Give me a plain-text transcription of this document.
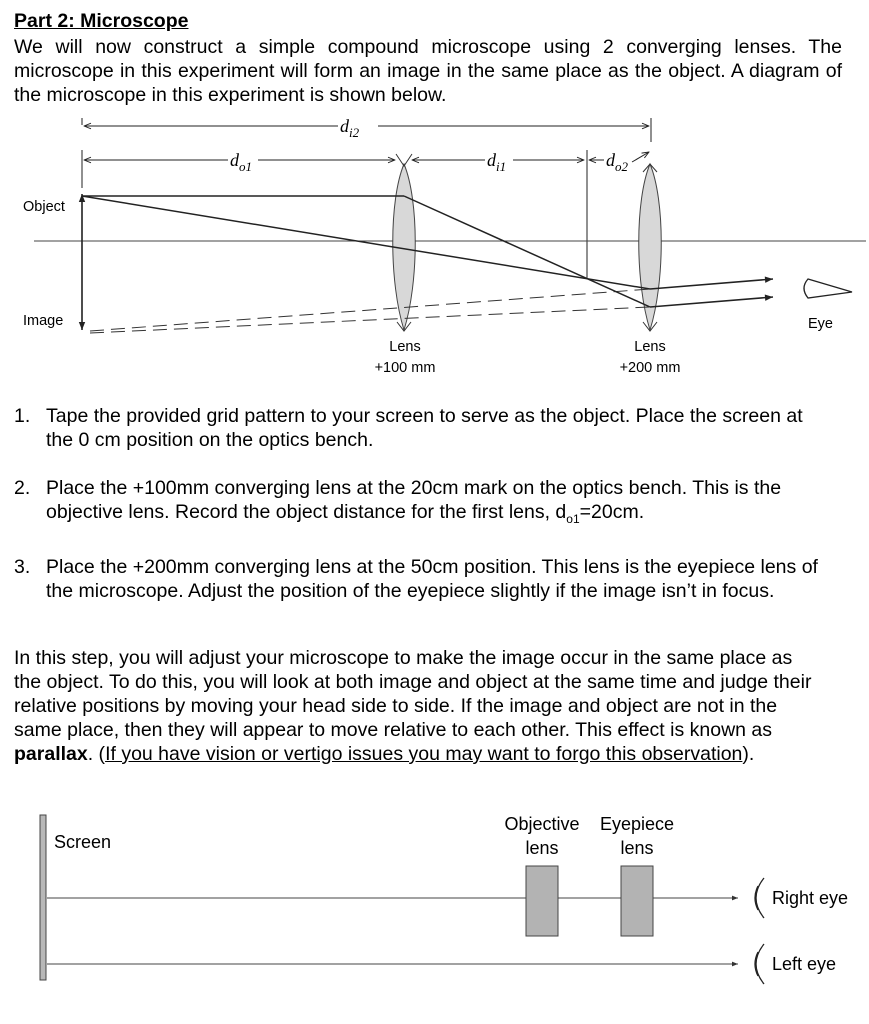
Part 2: Microscope
We will now construct a simple compound microscope using 2 converging lenses. The microscope in this experiment will form an image in the same place as the object. A diagram of the microscope in this experiment is shown below.
$d_{i2}$
$d_{o1}$	$d_{i1}$	$d_{o2}$
Object
Image	Eye
Lens
+100 mm
Lens
+200 mm
1. Tape the provided grid pattern to your screen to serve as the object. Place the screen at the 0 cm position on the optics bench.
2. Place the +100mm converging lens at the 20cm mark on the optics bench. This is the objective lens. Record the object distance for the first lens, $d_{o1}=20cm$.
3. Place the +200mm converging lens at the 50cm position. This lens is the eyepiece lens of the microscope. Adjust the position of the eyepiece slightly if the image isn’t in focus.
In this step, you will adjust your microscope to make the image occur in the same place as the object. To do this, you will look at both image and object at the same time and judge their relative positions by moving your head side to side. If the image and object are not in the same place, then they will appear to move relative to each other. This effect is known as parallax. (If you have vision or vertigo issues you may want to forgo this observation).
Screen
Objective
lens
Eyepiece
lens
Right eye
Left eye
